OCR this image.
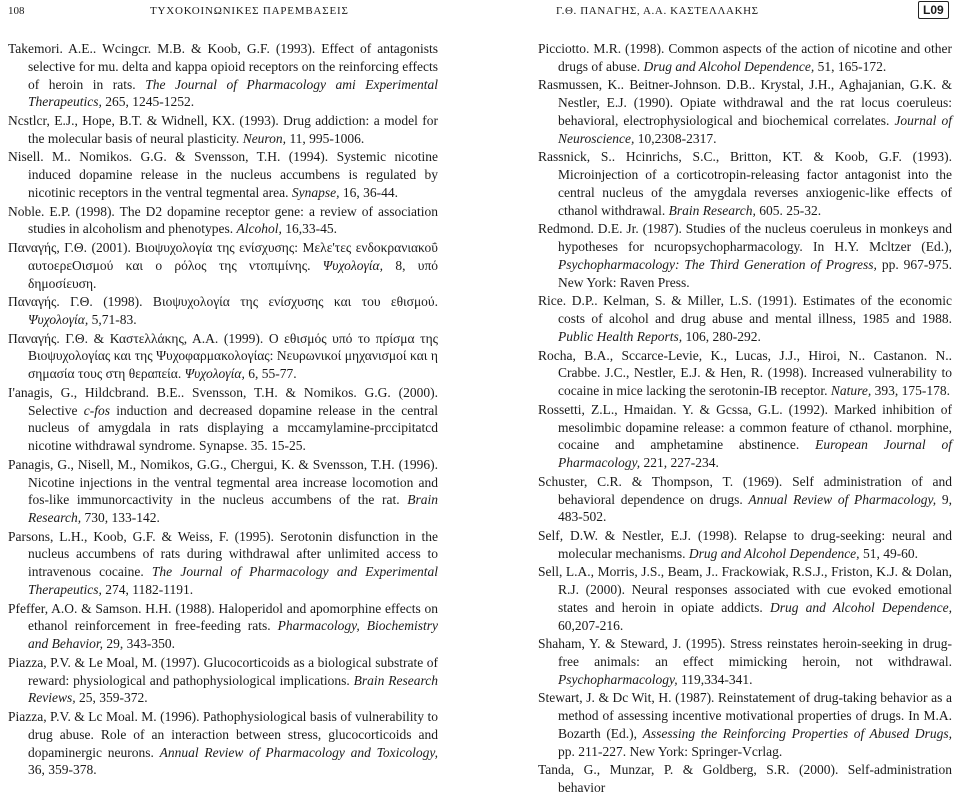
108	ΤΥΧΟΚΟΙΝΩΝΙΚΕΣ ΠΑΡΕΜΒΑΣΕΙΣ	Γ.Θ. ΠΑΝΑΓΗΣ, Α.Α. ΚΑΣΤΕΛΛΑΚΗΣ	L09

Takemori. A.E.. Wcingcr. M.B. & Koob, G.F. (1993). Effect of antagonists selective for mu. delta and kappa opioid receptors on the reinforcing effects of heroin in rats. The Journal of Pharmacology ami Experimental Therapeutics, 265, 1245-1252.

Ncstlcr, E.J., Hope, B.T. & Widnell, KX. (1993). Drug addiction: a model for the molecular basis of neural plasticity. Neuron, 11, 995-1006.

Nisell. M.. Nomikos. G.G. & Svensson, T.H. (1994). Systemic nicotine induced dopamine release in the nucleus accumbens is regulated by nicotinic receptors in the ventral tegmental area. Synapse, 16, 36-44.

Noble. E.P. (1998). The D2 dopamine receptor gene: a review of association studies in alcoholism and phenotypes. Alcohol, 16,33-45.

Παναγής, Γ.Θ. (2001). Βιοψυχολογία της ενίσχυσης: Μελε'τες ενδοκρανιακοΰ αυτοερεOισμού και ο ρόλος της ντοπιμίνης. Ψυχολογία, 8, υπό δημοσίευση.

Παναγής. Γ.Θ. (1998). Βιοψυχολογία της ενίσχυσης και του εθισμού. Ψυχολογία, 5,71-83.

Παναγής. Γ.Θ. & Καστελλάκης, Α.Α. (1999). Ο εθισμός υπό το πρίσμα της Βιοψυχολογίας και της Ψυχοφαρμακολογίας: Νευρωνικοί μηχανισμοί και η σημασία τους στη θεραπεία. Ψυχολογία, 6, 55-77.

I'anagis, G., Hildcbrand. B.E.. Svensson, T.H. & Nomikos. G.G. (2000). Selective c-fos induction and decreased dopamine release in the central nucleus of amygdala in rats displaying a mccamylamine-prccipitatcd nicotine withdrawal syndrome. Synapse. 35. 15-25.

Panagis, G., Nisell, M., Nomikos, G.G., Chergui, K. & Svensson, T.H. (1996). Nicotine injections in the ventral tegmental area increase locomotion and fos-like immunorcactivity in the nucleus accumbens of the rat. Brain Research, 730, 133-142.

Parsons, L.H., Koob, G.F. & Weiss, F. (1995). Serotonin disfunction in the nucleus accumbens of rats during withdrawal after unlimited access to intravenous cocaine. The Journal of Pharmacology and Experimental Therapeutics, 274, 1182-1191.

Pfeffer, A.O. & Samson. H.H. (1988). Haloperidol and apomorphine effects on ethanol reinforcement in free-feeding rats. Pharmacology, Biochemistry and Behavior, 29, 343-350.

Piazza, P.V. & Le Moal, M. (1997). Glucocorticoids as a biological substrate of reward: physiological and pathophysiological implications. Brain Research Reviews, 25, 359-372.

Piazza, P.V. & Lc Moal. M. (1996). Pathophysiological basis of vulnerability to drug abuse. Role of an interaction between stress, glucocorticoids and dopaminergic neurons. Annual Review of Pharmacology and Toxicology, 36, 359-378.

Picciotto. M.R. (1998). Common aspects of the action of nicotine and other drugs of abuse. Drug and Alcohol Dependence, 51, 165-172.

Rasmussen, K.. Beitner-Johnson. D.B.. Krystal, J.H., Aghajanian, G.K. & Nestler, E.J. (1990). Opiate withdrawal and the rat locus coeruleus: behavioral, electrophysiological and biochemical correlates. Journal of Neuroscience, 10,2308-2317.

Rassnick, S.. Hcinrichs, S.C., Britton, KT. & Koob, G.F. (1993). Microinjection of a corticotropin-releasing factor antagonist into the central nucleus of the amygdala reverses anxiogenic-like effects of cthanol withdrawal. Brain Research, 605. 25-32.

Redmond. D.E. Jr. (1987). Studies of the nucleus coeruleus in monkeys and hypotheses for ncuropsychopharmacology. In H.Y. Mcltzer (Ed.), Psychopharmacology: The Third Generation of Progress, pp. 967-975. New York: Raven Press.

Rice. D.P.. Kelman, S. & Miller, L.S. (1991). Estimates of the economic costs of alcohol and drug abuse and mental illness, 1985 and 1988. Public Health Reports, 106, 280-292.

Rocha, B.A., Sccarce-Levie, K., Lucas, J.J., Hiroi, N.. Castanon. N.. Crabbe. J.C., Nestler, E.J. & Hen, R. (1998). Increased vulnerability to cocaine in mice lacking the serotonin-IB receptor. Nature, 393, 175-178.

Rossetti, Z.L., Hmaidan. Y. & Gcssa, G.L. (1992). Marked inhibition of mesolimbic dopamine release: a common feature of cthanol. morphine, cocaine and amphetamine abstinence. European Journal of Pharmacology, 221, 227-234.

Schuster, C.R. & Thompson, T. (1969). Self administration of and behavioral dependence on drugs. Annual Review of Pharmacology, 9, 483-502.

Self, D.W. & Nestler, E.J. (1998). Relapse to drug-seeking: neural and molecular mechanisms. Drug and Alcohol Dependence, 51, 49-60.

Sell, L.A., Morris, J.S., Beam, J.. Frackowiak, R.S.J., Friston, K.J. & Dolan, R.J. (2000). Neural responses associated with cue evoked emotional states and heroin in opiate addicts. Drug and Alcohol Dependence, 60,207-216.

Shaham, Y. & Steward, J. (1995). Stress reinstates heroin-seeking in drug-free animals: an effect mimicking heroin, not withdrawal. Psychopharmacology, 119,334-341.

Stewart, J. & Dc Wit, H. (1987). Reinstatement of drug-taking behavior as a method of assessing incentive motivational properties of drugs. In M.A. Bozarth (Ed.), Assessing the Reinforcing Properties of Abused Drugs, pp. 211-227. New York: Springer-Vcrlag.

Tanda, G., Munzar, P. & Goldberg, S.R. (2000). Self-administration behavior
